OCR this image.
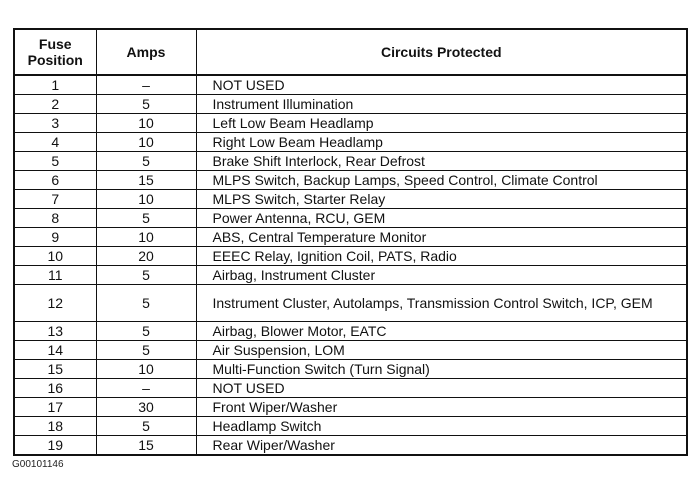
Fuse
Position	Amps	Circuits Protected
1	–	NOT USED
2	5	Instrument Illumination
3	10	Left Low Beam Headlamp
4	10	Right Low Beam Headlamp
5	5	Brake Shift Interlock, Rear Defrost
6	15	MLPS Switch, Backup Lamps, Speed Control, Climate Control
7	10	MLPS Switch, Starter Relay
8	5	Power Antenna, RCU, GEM
9	10	ABS, Central Temperature Monitor
10	20	EEEC Relay, Ignition Coil, PATS, Radio
11	5	Airbag, Instrument Cluster
12	5	Instrument Cluster, Autolamps, Transmission Control Switch, ICP, GEM
13	5	Airbag, Blower Motor, EATC
14	5	Air Suspension, LOM
15	10	Multi-Function Switch (Turn Signal)
16	–	NOT USED
17	30	Front Wiper/Washer
18	5	Headlamp Switch
19	15	Rear Wiper/Washer
G00101146
